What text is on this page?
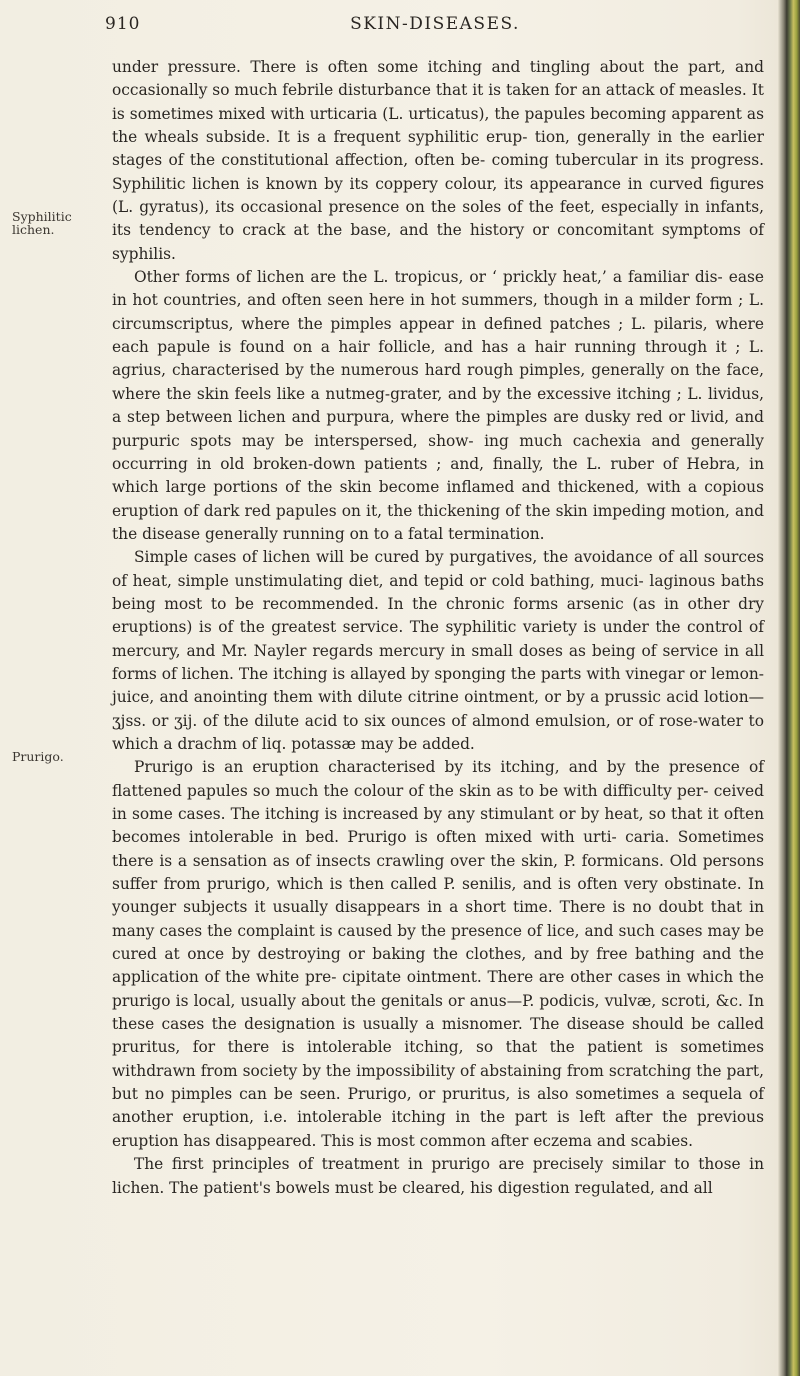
910	SKIN-DISEASES.
Syphilitic lichen.
Prurigo.

under pressure. There is often some itching and tingling about the part, and occasionally so much febrile disturbance that it is taken for an attack of measles. It is sometimes mixed with urticaria (L. urticatus), the papules becoming apparent as the wheals subside. It is a frequent syphilitic erup- tion, generally in the earlier stages of the constitutional affection, often be- coming tubercular in its progress. Syphilitic lichen is known by its coppery colour, its appearance in curved figures (L. gyratus), its occasional presence on the soles of the feet, especially in infants, its tendency to crack at the base, and the history or concomitant symptoms of syphilis.

Other forms of lichen are the L. tropicus, or ‘ prickly heat,’ a familiar dis- ease in hot countries, and often seen here in hot summers, though in a milder form ; L. circumscriptus, where the pimples appear in defined patches ; L. pilaris, where each papule is found on a hair follicle, and has a hair running through it ; L. agrius, characterised by the numerous hard rough pimples, generally on the face, where the skin feels like a nutmeg-grater, and by the excessive itching ; L. lividus, a step between lichen and purpura, where the pimples are dusky red or livid, and purpuric spots may be interspersed, show- ing much cachexia and generally occurring in old broken-down patients ; and, finally, the L. ruber of Hebra, in which large portions of the skin become inflamed and thickened, with a copious eruption of dark red papules on it, the thickening of the skin impeding motion, and the disease generally running on to a fatal termination.

Simple cases of lichen will be cured by purgatives, the avoidance of all sources of heat, simple unstimulating diet, and tepid or cold bathing, muci- laginous baths being most to be recommended. In the chronic forms arsenic (as in other dry eruptions) is of the greatest service. The syphilitic variety is under the control of mercury, and Mr. Nayler regards mercury in small doses as being of service in all forms of lichen. The itching is allayed by sponging the parts with vinegar or lemon-juice, and anointing them with dilute citrine ointment, or by a prussic acid lotion—ʒjss. or ʒij. of the dilute acid to six ounces of almond emulsion, or of rose-water to which a drachm of liq. potassæ may be added.

Prurigo is an eruption characterised by its itching, and by the presence of flattened papules so much the colour of the skin as to be with difficulty per- ceived in some cases. The itching is increased by any stimulant or by heat, so that it often becomes intolerable in bed. Prurigo is often mixed with urti- caria. Sometimes there is a sensation as of insects crawling over the skin, P. formicans. Old persons suffer from prurigo, which is then called P. senilis, and is often very obstinate. In younger subjects it usually disappears in a short time. There is no doubt that in many cases the complaint is caused by the presence of lice, and such cases may be cured at once by destroying or baking the clothes, and by free bathing and the application of the white pre- cipitate ointment. There are other cases in which the prurigo is local, usually about the genitals or anus—P. podicis, vulvæ, scroti, &c. In these cases the designation is usually a misnomer. The disease should be called pruritus, for there is intolerable itching, so that the patient is sometimes withdrawn from society by the impossibility of abstaining from scratching the part, but no pimples can be seen. Prurigo, or pruritus, is also sometimes a sequela of another eruption, i.e. intolerable itching in the part is left after the previous eruption has disappeared. This is most common after eczema and scabies.

The first principles of treatment in prurigo are precisely similar to those in lichen. The patient's bowels must be cleared, his digestion regulated, and all
